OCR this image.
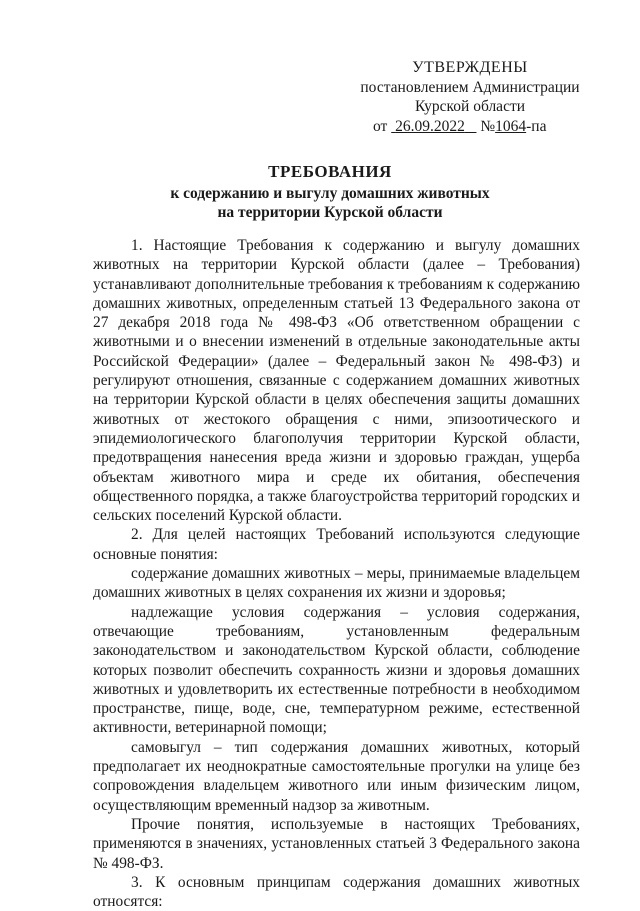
УТВЕРЖДЕНЫ
постановлением Администрации
Курской области
от 26.09.2022 №1064-па
ТРЕБОВАНИЯ
к содержанию и выгулу домашних животных
на территории Курской области

1. Настоящие Требования к содержанию и выгулу домашних животных на территории Курской области (далее – Требования) устанавливают дополнительные требования к требованиям к содержанию домашних животных, определенным статьей 13 Федерального закона от 27 декабря 2018 года № 498-ФЗ «Об ответственном обращении с животными и о внесении изменений в отдельные законодательные акты Российской Федерации» (далее – Федеральный закон № 498-ФЗ) и регулируют отношения, связанные с содержанием домашних животных на территории Курской области в целях обеспечения защиты домашних животных от жестокого обращения с ними, эпизоотического и эпидемиологического благополучия территории Курской области, предотвращения нанесения вреда жизни и здоровью граждан, ущерба объектам животного мира и среде их обитания, обеспечения общественного порядка, а также благоустройства территорий городских и сельских поселений Курской области.

2. Для целей настоящих Требований используются следующие основные понятия:

содержание домашних животных – меры, принимаемые владельцем домашних животных в целях сохранения их жизни и здоровья;

надлежащие условия содержания – условия содержания, отвечающие требованиям, установленным федеральным законодательством и законодательством Курской области, соблюдение которых позволит обеспечить сохранность жизни и здоровья домашних животных и удовлетворить их естественные потребности в необходимом пространстве, пище, воде, сне, температурном режиме, естественной активности, ветеринарной помощи;

самовыгул – тип содержания домашних животных, который предполагает их неоднократные самостоятельные прогулки на улице без сопровождения владельцем животного или иным физическим лицом, осуществляющим временный надзор за животным.

Прочие понятия, используемые в настоящих Требованиях, применяются в значениях, установленных статьей 3 Федерального закона № 498-ФЗ.

3. К основным принципам содержания домашних животных относятся:
